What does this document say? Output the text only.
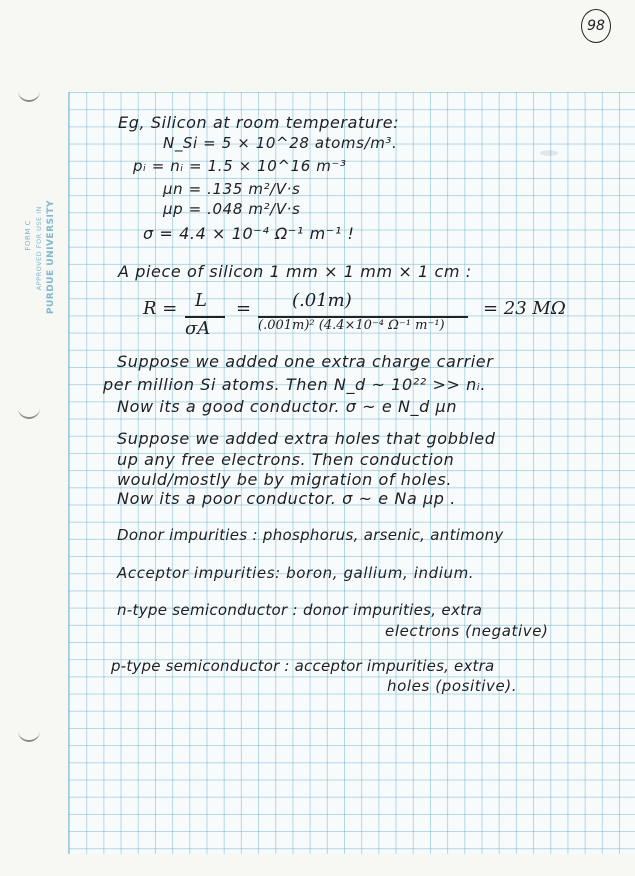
FORM C APPROVED FOR USE IN PURDUE UNIVERSITY
98
Eg, Silicon at room temperature:
N_Si = 5 × 10^28 atoms/m³.
pᵢ = nᵢ = 1.5 × 10^16 m⁻³
μn = .135 m²/V·s
μp = .048 m²/V·s
σ = 4.4 × 10⁻⁴ Ω⁻¹ m⁻¹ !
A piece of silicon 1 mm × 1 mm × 1 cm :
R = L
σA
= (.01m)
(.001m)² (4.4×10⁻⁴ Ω⁻¹ m⁻¹)
= 23 MΩ
Suppose we added one extra charge carrier
per million Si atoms. Then N_d ~ 10²² >> nᵢ.
Now its a good conductor. σ ~ e N_d μn
Suppose we added extra holes that gobbled
up any free electrons. Then conduction
would/mostly be by migration of holes.
Now its a poor conductor. σ ~ e Na μp .
Donor impurities : phosphorus, arsenic, antimony
Acceptor impurities: boron, gallium, indium.
n-type semiconductor : donor impurities, extra
electrons (negative)
p-type semiconductor : acceptor impurities, extra
holes (positive).
